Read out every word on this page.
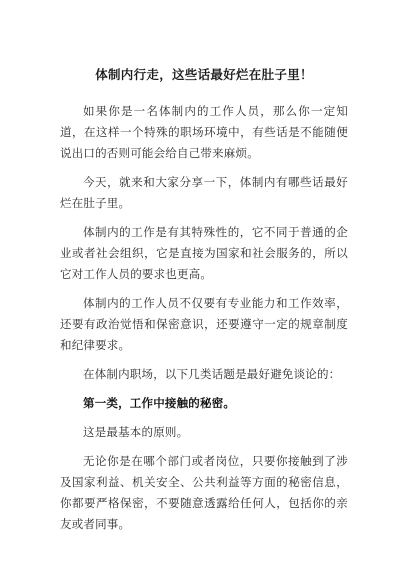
体制内行走，这些话最好烂在肚子里！

如果你是一名体制内的工作人员，那么你一定知道，在这样一个特殊的职场环境中，有些话是不能随便说出口的否则可能会给自己带来麻烦。

今天，就来和大家分享一下，体制内有哪些话最好烂在肚子里。

体制内的工作是有其特殊性的，它不同于普通的企业或者社会组织，它是直接为国家和社会服务的，所以它对工作人员的要求也更高。

体制内的工作人员不仅要有专业能力和工作效率，还要有政治觉悟和保密意识，还要遵守一定的规章制度和纪律要求。

在体制内职场，以下几类话题是最好避免谈论的：

第一类，工作中接触的秘密。

这是最基本的原则。

无论你是在哪个部门或者岗位，只要你接触到了涉及国家利益、机关安全、公共利益等方面的秘密信息，你都要严格保密，不要随意透露给任何人，包括你的亲友或者同事。
